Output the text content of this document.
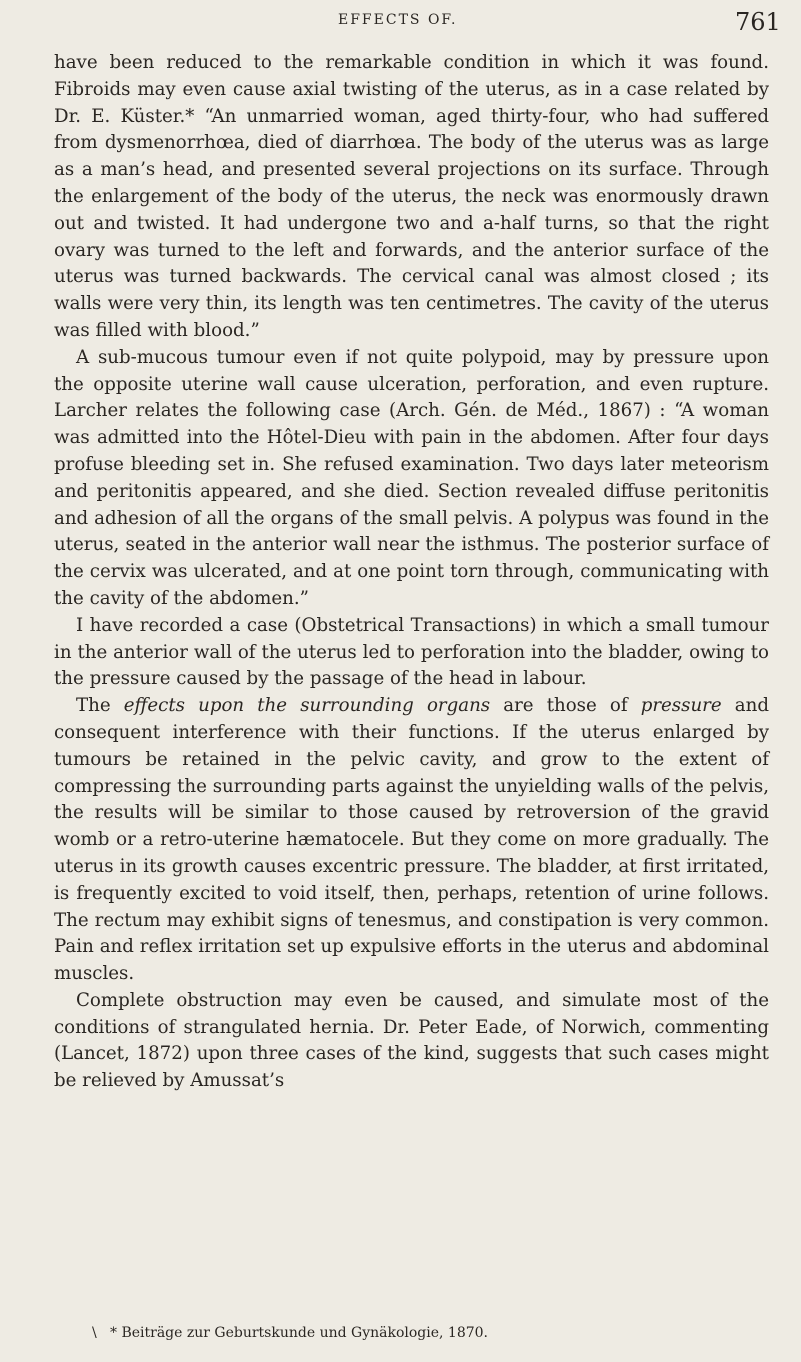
EFFECTS OF.	761

have been reduced to the remarkable condition in which it was found. Fibroids may even cause axial twisting of the uterus, as in a case related by Dr. E. Küster.* “An unmarried woman, aged thirty-four, who had suffered from dysmenorrhœa, died of diarrhœa. The body of the uterus was as large as a man’s head, and presented several projections on its surface. Through the enlargement of the body of the uterus, the neck was enormously drawn out and twisted. It had undergone two and a-half turns, so that the right ovary was turned to the left and forwards, and the anterior surface of the uterus was turned backwards. The cervical canal was almost closed ; its walls were very thin, its length was ten centimetres. The cavity of the uterus was filled with blood.”

A sub-mucous tumour even if not quite polypoid, may by pressure upon the opposite uterine wall cause ulceration, perforation, and even rupture. Larcher relates the following case (Arch. Gén. de Méd., 1867) : “A woman was admitted into the Hôtel-Dieu with pain in the abdomen. After four days profuse bleeding set in. She refused examination. Two days later meteorism and peritonitis appeared, and she died. Section revealed diffuse peritonitis and adhesion of all the organs of the small pelvis. A polypus was found in the uterus, seated in the anterior wall near the isthmus. The posterior surface of the cervix was ulcerated, and at one point torn through, communicating with the cavity of the abdomen.”

I have recorded a case (Obstetrical Transactions) in which a small tumour in the anterior wall of the uterus led to perforation into the bladder, owing to the pressure caused by the passage of the head in labour.

The effects upon the surrounding organs are those of pressure and consequent interference with their functions. If the uterus enlarged by tumours be retained in the pelvic cavity, and grow to the extent of compressing the surrounding parts against the unyielding walls of the pelvis, the results will be similar to those caused by retroversion of the gravid womb or a retro-uterine hæmatocele. But they come on more gradually. The uterus in its growth causes excentric pressure. The bladder, at first irritated, is frequently excited to void itself, then, perhaps, retention of urine follows. The rectum may exhibit signs of tenesmus, and constipation is very common. Pain and reflex irritation set up expulsive efforts in the uterus and abdominal muscles.

Complete obstruction may even be caused, and simulate most of the conditions of strangulated hernia. Dr. Peter Eade, of Norwich, commenting (Lancet, 1872) upon three cases of the kind, suggests that such cases might be relieved by Amussat’s

\ * Beiträge zur Geburtskunde und Gynäkologie, 1870.
